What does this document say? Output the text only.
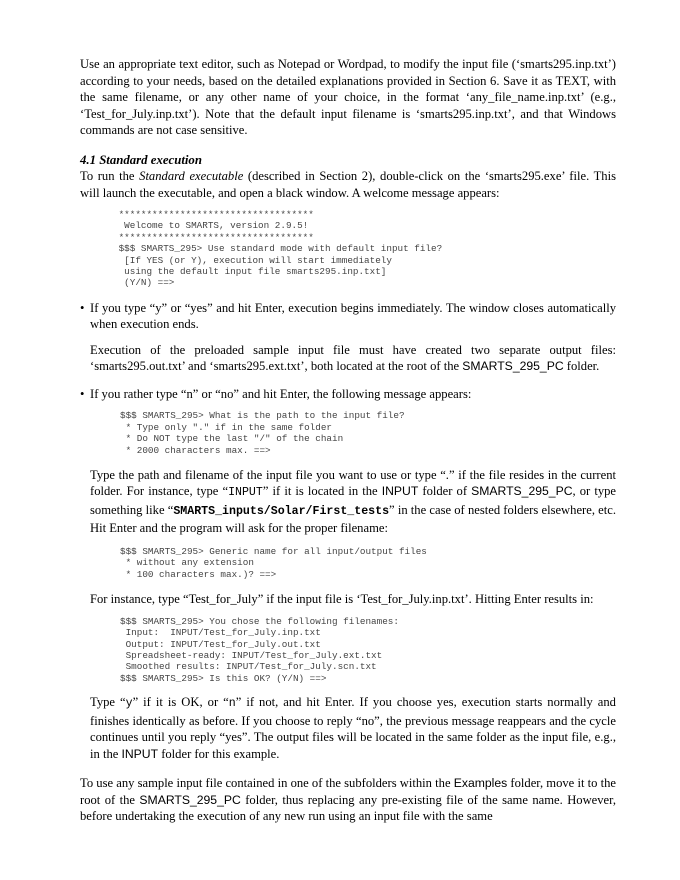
Use an appropriate text editor, such as Notepad or Wordpad, to modify the input file (‘smarts295.inp.txt’) according to your needs, based on the detailed explanations provided in Section 6. Save it as TEXT, with the same filename, or any other name of your choice, in the format ‘any_file_name.inp.txt’ (e.g., ‘Test_for_July.inp.txt’). Note that the default input filename is ‘smarts295.inp.txt’, and that Windows commands are not case sensitive.

4.1 Standard execution

To run the Standard executable (described in Section 2), double-click on the ‘smarts295.exe’ file. This will launch the executable, and open a black window. A welcome message appears:

***********************************
Welcome to SMARTS, version 2.9.5!
***********************************
$$$ SMARTS_295> Use standard mode with default input file?
[If YES (or Y), execution will start immediately
using the default input file smarts295.inp.txt]
(Y/N) ==>
• If you type “y” or “yes” and hit Enter, execution begins immediately. The window closes automatically when execution ends.

Execution of the preloaded sample input file must have created two separate output files: ‘smarts295.out.txt’ and ‘smarts295.ext.txt’, both located at the root of the SMARTS_295_PC folder.

• If you rather type “n” or “no” and hit Enter, the following message appears:

$$$ SMARTS_295> What is the path to the input file?
* Type only "." if in the same folder
* Do NOT type the last "/" of the chain
* 2000 characters max. ==>

Type the path and filename of the input file you want to use or type “.” if the file resides in the current folder. For instance, type “INPUT” if it is located in the INPUT folder of SMARTS_295_PC, or type something like “SMARTS_inputs/Solar/First_tests” in the case of nested folders elsewhere, etc. Hit Enter and the program will ask for the proper filename:

$$$ SMARTS_295> Generic name for all input/output files
* without any extension
* 100 characters max.)? ==>

For instance, type “Test_for_July” if the input file is ‘Test_for_July.inp.txt’. Hitting Enter results in:

$$$ SMARTS_295> You chose the following filenames:
Input:  INPUT/Test_for_July.inp.txt
Output: INPUT/Test_for_July.out.txt
Spreadsheet-ready: INPUT/Test_for_July.ext.txt
Smoothed results: INPUT/Test_for_July.scn.txt
$$$ SMARTS_295> Is this OK? (Y/N) ==>

Type “y” if it is OK, or “n” if not, and hit Enter. If you choose yes, execution starts normally and finishes identically as before. If you choose to reply “no”, the previous message reappears and the cycle continues until you reply “yes”. The output files will be located in the same folder as the input file, e.g., in the INPUT folder for this example.

To use any sample input file contained in one of the subfolders within the Examples folder, move it to the root of the SMARTS_295_PC folder, thus replacing any pre-existing file of the same name. However, before undertaking the execution of any new run using an input file with the same
